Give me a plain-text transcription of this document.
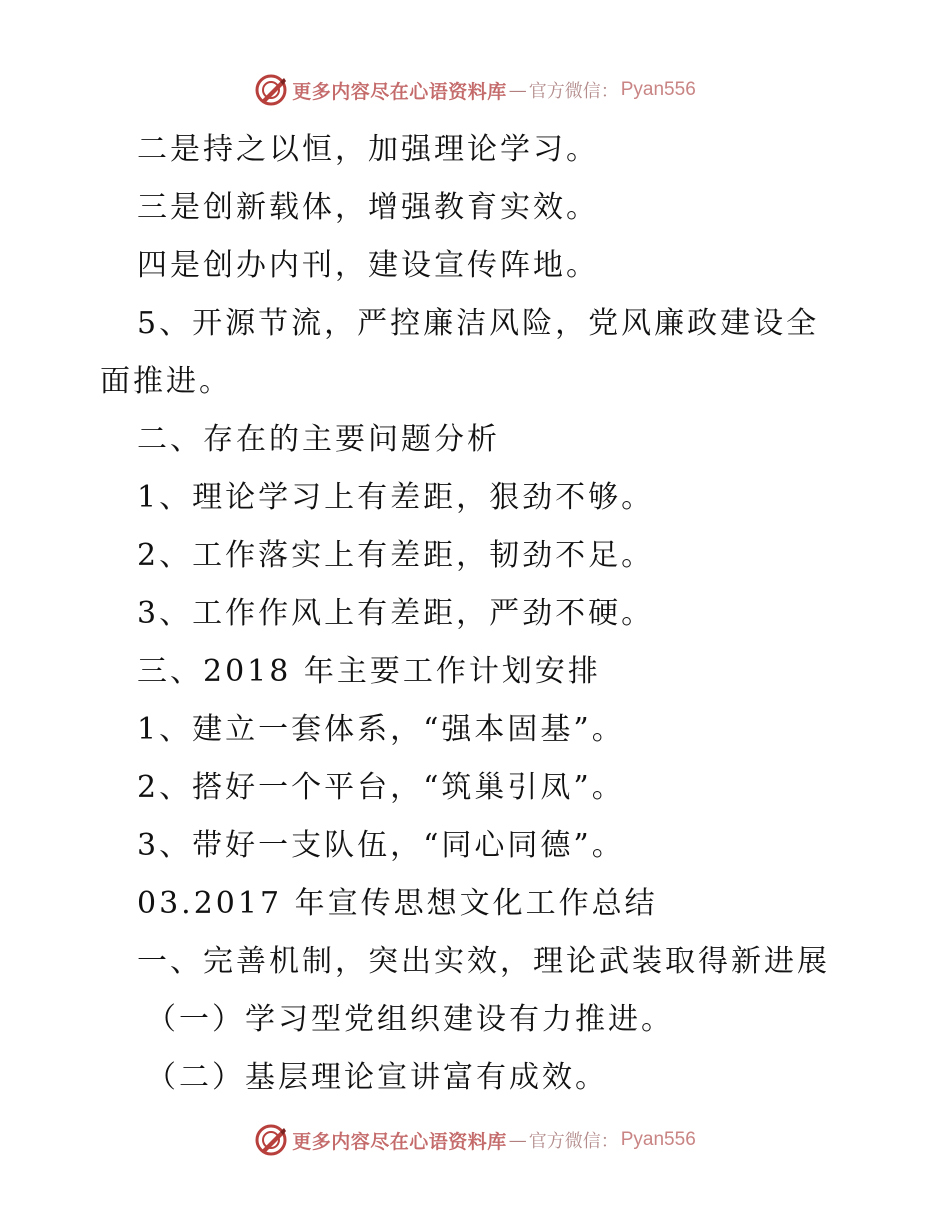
更多内容尽在心语资料库 — 官方微信： Pyan556
二是持之以恒，加强理论学习。
三是创新载体，增强教育实效。
四是创办内刊，建设宣传阵地。
5、开源节流，严控廉洁风险，党风廉政建设全
面推进。
二、存在的主要问题分析
1、理论学习上有差距，狠劲不够。
2、工作落实上有差距，韧劲不足。
3、工作作风上有差距，严劲不硬。
三、2018 年主要工作计划安排
1、建立一套体系，“强本固基”。
2、搭好一个平台，“筑巢引凤”。
3、带好一支队伍，“同心同德”。
03.2017 年宣传思想文化工作总结
一、完善机制，突出实效，理论武装取得新进展
（一）学习型党组织建设有力推进。
（二）基层理论宣讲富有成效。
更多内容尽在心语资料库 — 官方微信： Pyan556
